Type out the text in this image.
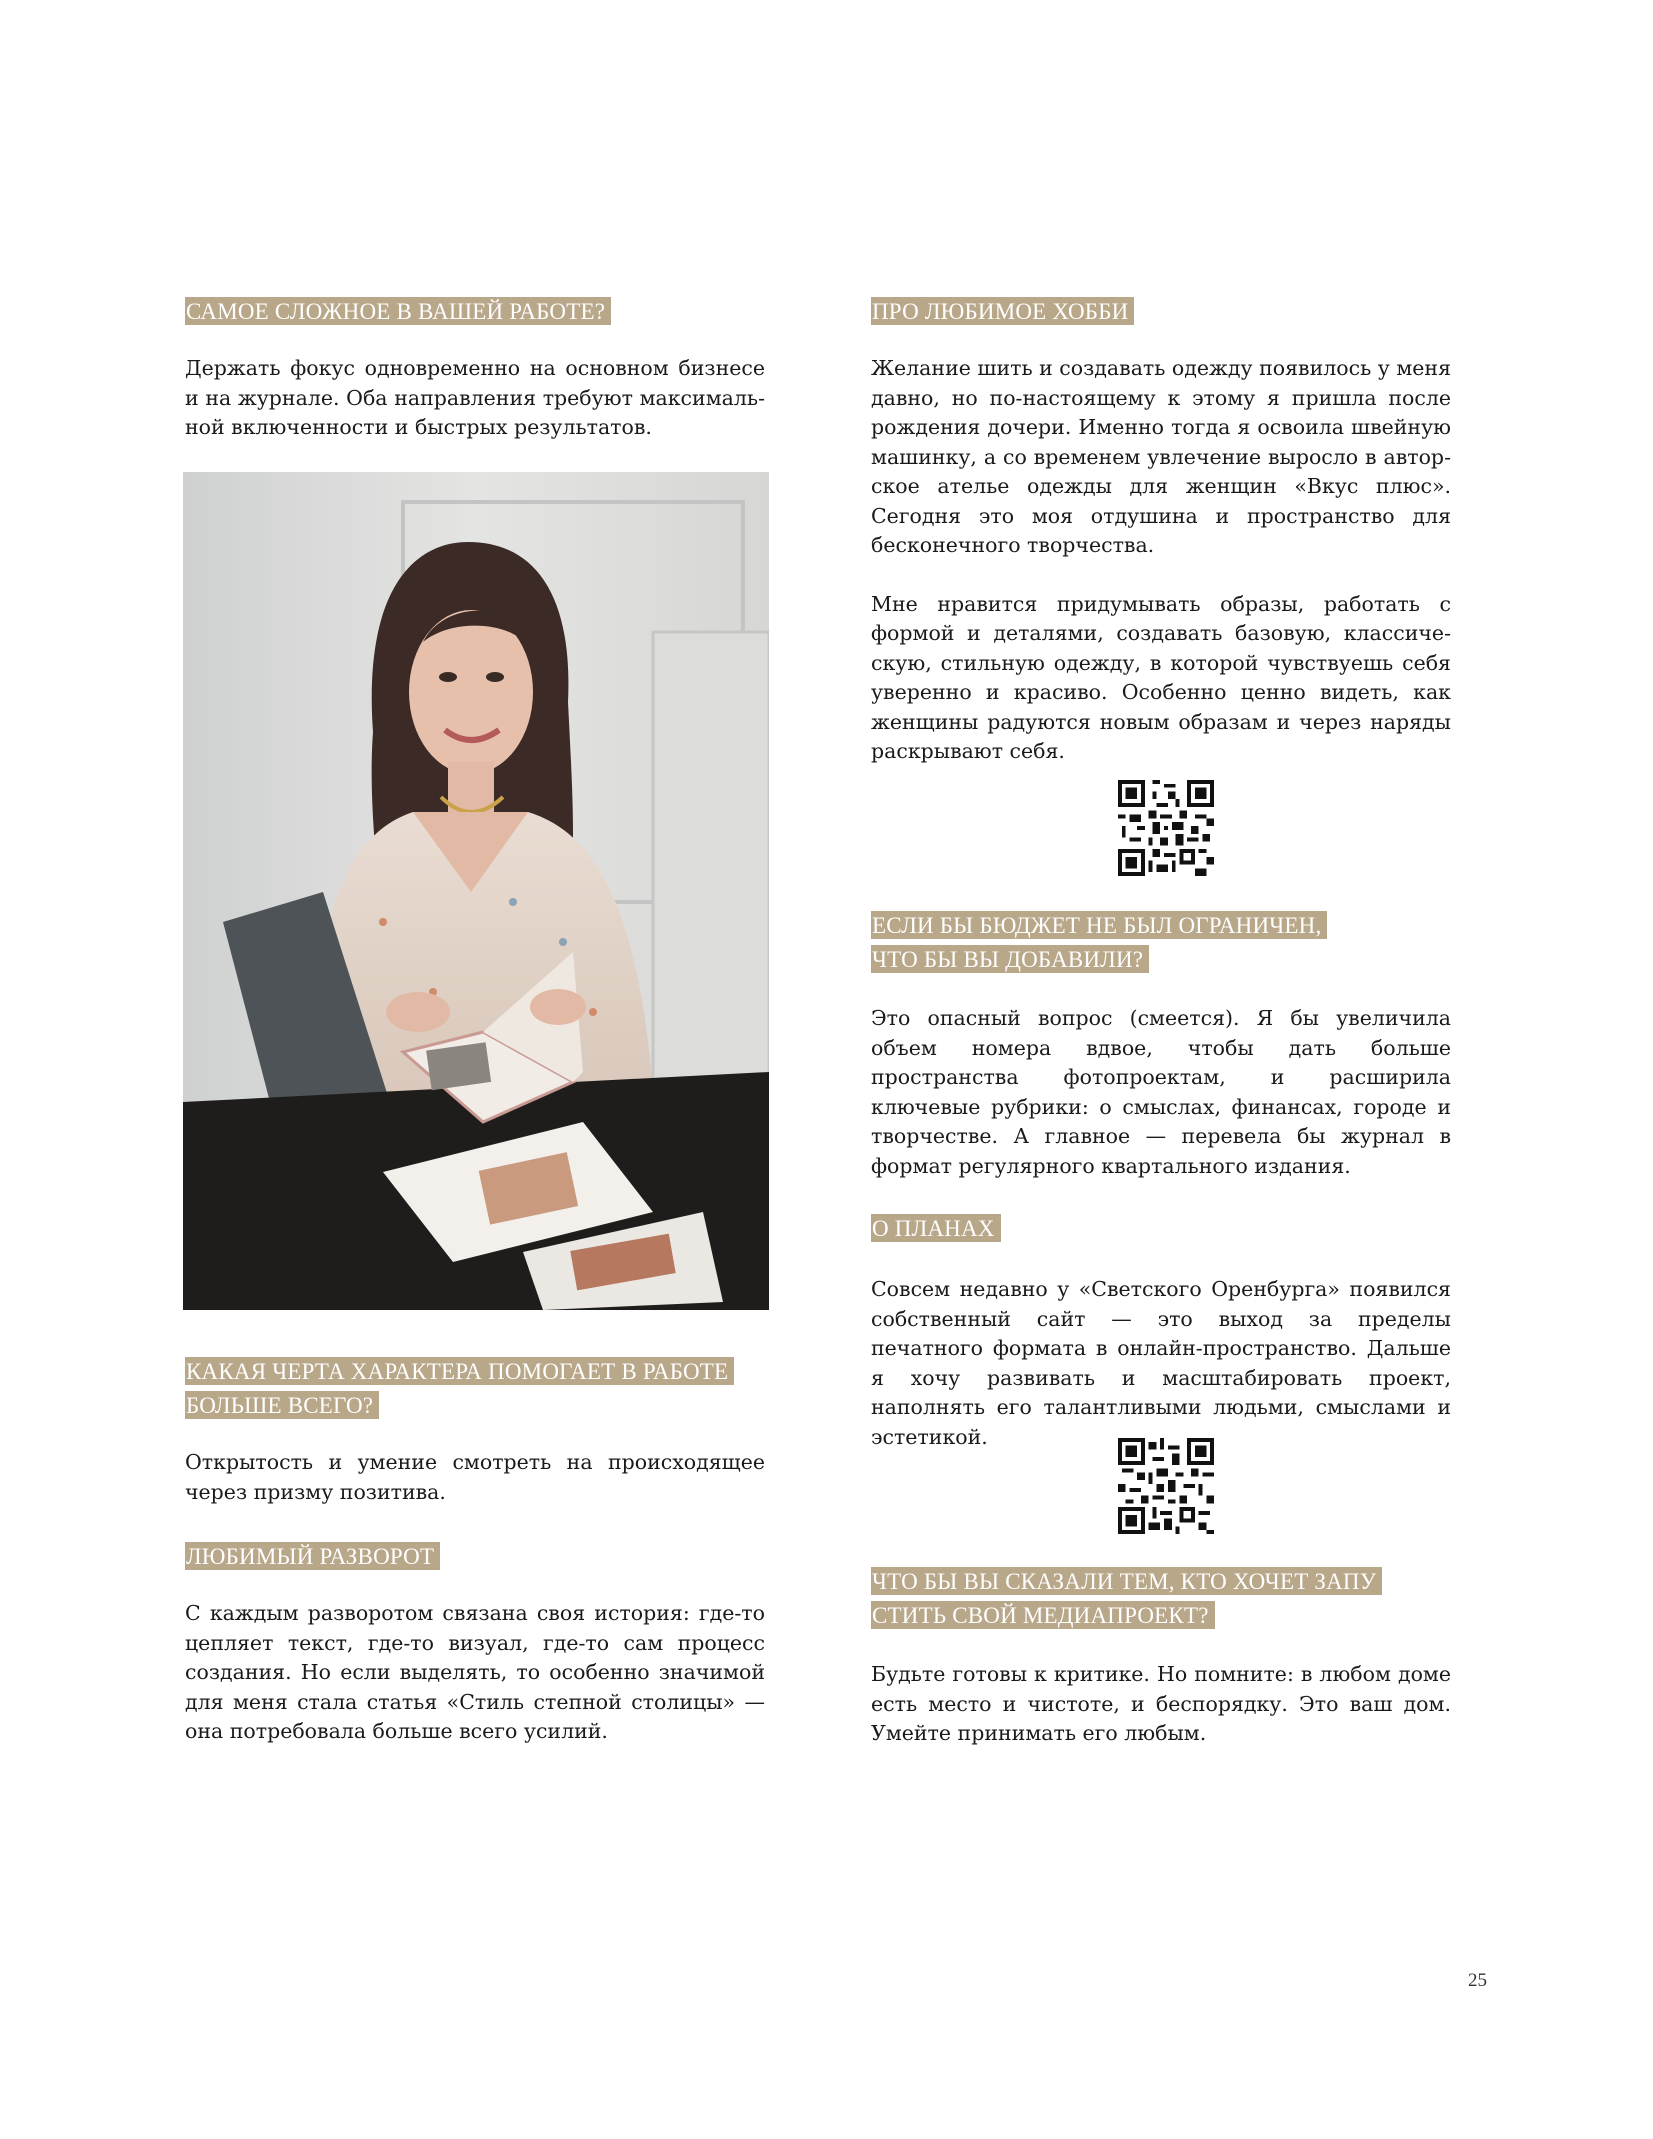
САМОЕ СЛОЖНОЕ В ВАШЕЙ РАБОТЕ?

Держать фокус одновременно на основном бизнесе и на журнале. Оба направления требуют максимальной включенности и быстрых результатов.

КАКАЯ ЧЕРТА ХАРАКТЕРА ПОМОГАЕТ В РАБОТЕ
БОЛЬШЕ ВСЕГО?

Открытость и умение смотреть на происходящее через призму позитива.

ЛЮБИМЫЙ РАЗВОРОТ

С каждым разворотом связана своя история: где-то цепляет текст, где-то визуал, где-то сам процесс создания. Но если выделять, то особенно значимой для меня стала статья «Стиль степной столицы» — она потребовала больше всего усилий.

ПРО ЛЮБИМОЕ ХОББИ

Желание шить и создавать одежду появилось у меня давно, но по-настоящему к этому я пришла после рождения дочери. Именно тогда я освоила швейную машинку, а со временем увлечение выросло в авторское ателье одежды для женщин «Вкус плюс». Сегодня это моя отдушина и пространство для бесконечного творчества.

Мне нравится придумывать образы, работать с формой и деталями, создавать базовую, классическую, стильную одежду, в которой чувствуешь себя уверенно и красиво. Особенно ценно видеть, как женщины радуются новым образам и через наряды раскрывают себя.

ЕСЛИ БЫ БЮДЖЕТ НЕ БЫЛ ОГРАНИЧЕН,
ЧТО БЫ ВЫ ДОБАВИЛИ?

Это опасный вопрос (смеется). Я бы увеличила объем номера вдвое, чтобы дать больше пространства фотопроектам, и расширила ключевые рубрики: о смыслах, финансах, городе и творчестве. А главное — перевела бы журнал в формат регулярного квартального издания.

О ПЛАНАХ

Совсем недавно у «Светского Оренбурга» появился собственный сайт — это выход за пределы печатного формата в онлайн-пространство. Дальше я хочу развивать и масштабировать проект, наполнять его талантливыми людьми, смыслами и эстетикой.

ЧТО БЫ ВЫ СКАЗАЛИ ТЕМ, КТО ХОЧЕТ ЗАПУ
СТИТЬ СВОЙ МЕДИАПРОЕКТ?

Будьте готовы к критике. Но помните: в любом доме есть место и чистоте, и беспорядку. Это ваш дом. Умейте принимать его любым.

25
